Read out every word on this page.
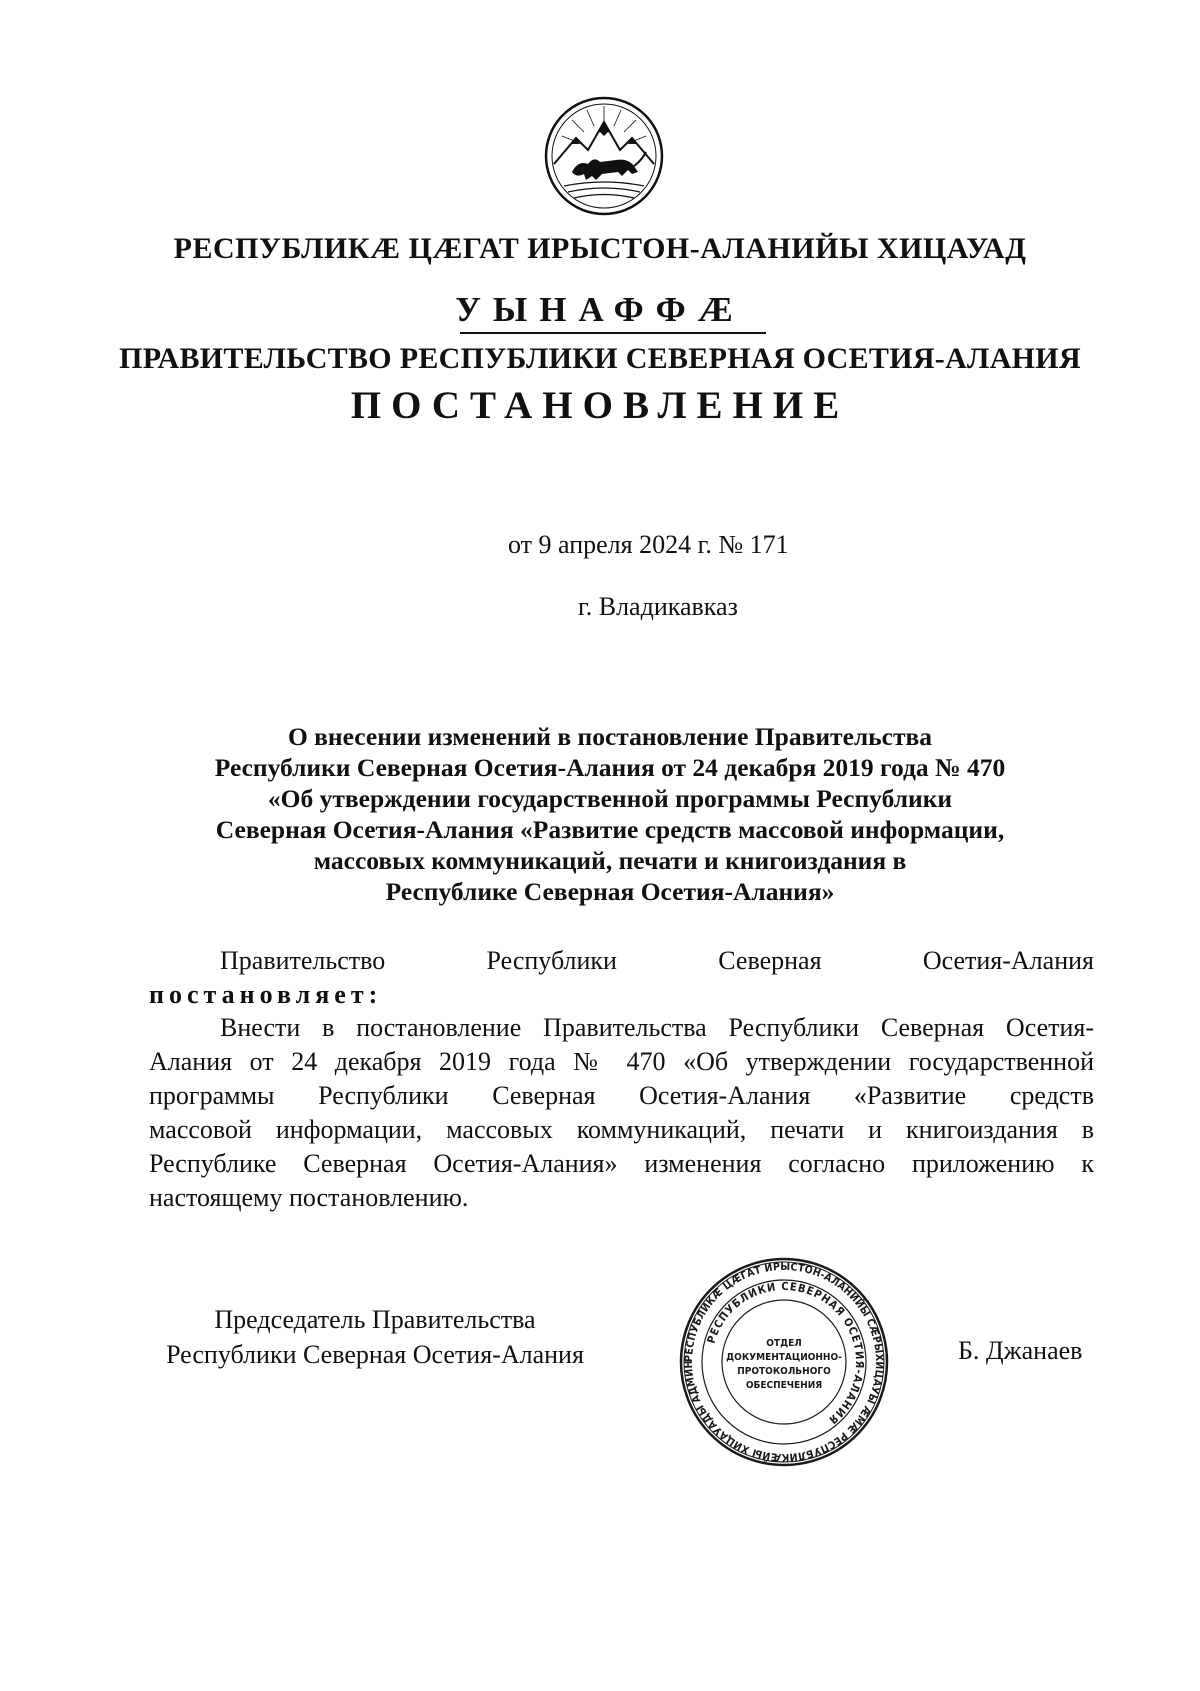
РЕСПУБЛИКӔ ЦӔГАТ ИРЫСТОН-АЛАНИЙЫ ХИЦАУАД
УЫНАФФӔ
ПРАВИТЕЛЬСТВО РЕСПУБЛИКИ СЕВЕРНАЯ ОСЕТИЯ-АЛАНИЯ
ПОСТАНОВЛЕНИЕ
от 9 апреля 2024 г. № 171
г. Владикавказ
О внесении изменений в постановление Правительства
Республики Северная Осетия-Алания от 24 декабря 2019 года № 470
«Об утверждении государственной программы Республики
Северная Осетия-Алания «Развитие средств массовой информации,
массовых коммуникаций, печати и книгоиздания в
Республике Северная Осетия-Алания»
Правительство Республики Северная Осетия-Алания
постановляет:
Внести в постановление Правительства Республики Северная Осетия-
Алания от 24 декабря 2019 года № 470 «Об утверждении государственной
программы Республики Северная Осетия-Алания «Развитие средств
массовой информации, массовых коммуникаций, печати и книгоиздания в
Республике Северная Осетия-Алания» изменения согласно приложению к
настоящему постановлению.
Председатель Правительства
Республики Северная Осетия-Алания	Б. Джанаев
РЕСПУБЛИКӔ ЦӔГАТ ИРЫСТОН-АЛАНИЙЫ СӔРЫХИЦАУЫ ӔМӔ РЕСПУБЛИКӔЙЫ ХИЦАУАДЫ АДМИН
РЕСПУБЛИКИ СЕВЕРНАЯ ОСЕТИЯ-АЛАНИЯ
ОТДЕЛ
ДОКУМЕНТАЦИОННО-
ПРОТОКОЛЬНОГО
ОБЕСПЕЧЕНИЯ
